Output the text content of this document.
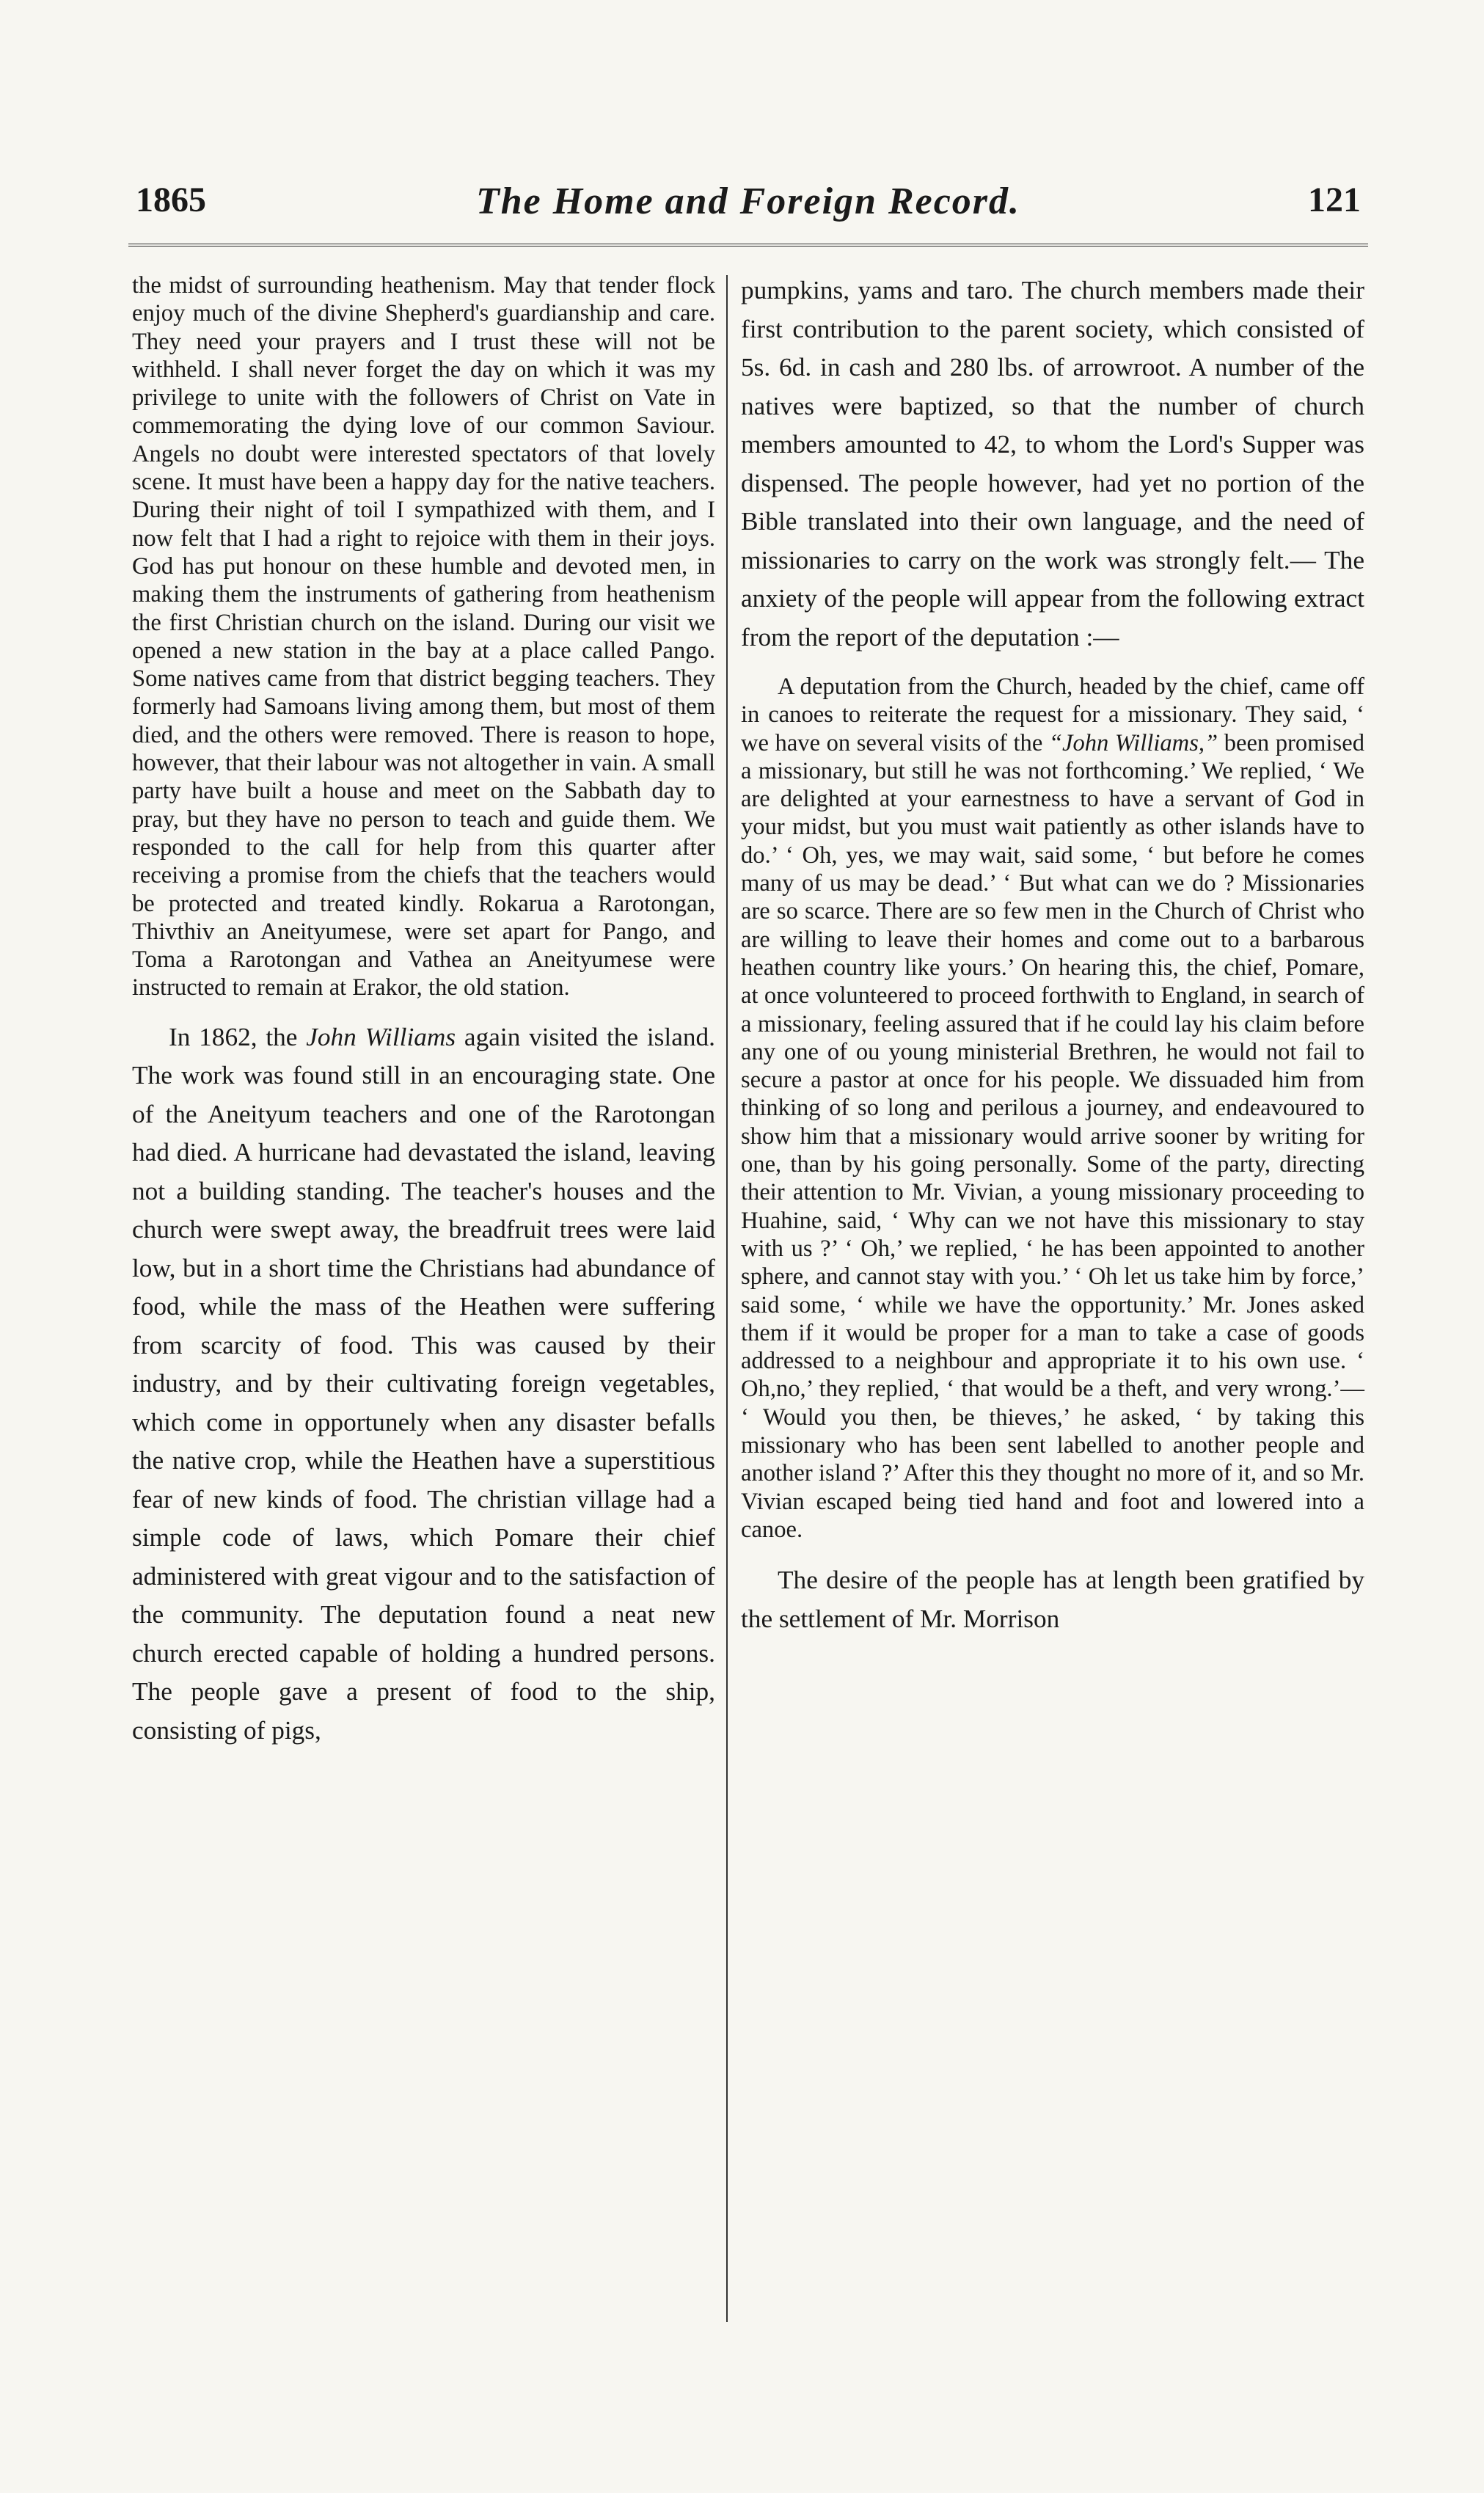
1865	The Home and Foreign Record.	121

the midst of surrounding heathenism. May that tender flock enjoy much of the divine Shepherd's guardianship and care. They need your prayers and I trust these will not be withheld. I shall never forget the day on which it was my privilege to unite with the followers of Christ on Vate in commemorating the dying love of our common Saviour. Angels no doubt were interested spectators of that lovely scene. It must have been a happy day for the native teachers. During their night of toil I sympathized with them, and I now felt that I had a right to rejoice with them in their joys. God has put honour on these humble and devoted men, in making them the instruments of gathering from heathenism the first Christian church on the island. During our visit we opened a new station in the bay at a place called Pango. Some natives came from that district begging teachers. They formerly had Samoans living among them, but most of them died, and the others were removed. There is reason to hope, however, that their labour was not altogether in vain. A small party have built a house and meet on the Sabbath day to pray, but they have no person to teach and guide them. We responded to the call for help from this quarter after receiving a promise from the chiefs that the teachers would be protected and treated kindly. Rokarua a Rarotongan, Thivthiv an Aneityumese, were set apart for Pango, and Toma a Rarotongan and Vathea an Aneityumese were instructed to remain at Erakor, the old station.

In 1862, the John Williams again visited the island. The work was found still in an encouraging state. One of the Aneityum teachers and one of the Rarotongan had died. A hurricane had devastated the island, leaving not a building standing. The teacher's houses and the church were swept away, the breadfruit trees were laid low, but in a short time the Christians had abundance of food, while the mass of the Heathen were suffering from scarcity of food. This was caused by their industry, and by their cultivating foreign vegetables, which come in opportunely when any disaster befalls the native crop, while the Heathen have a superstitious fear of new kinds of food. The christian village had a simple code of laws, which Pomare their chief administered with great vigour and to the satisfaction of the community. The deputation found a neat new church erected capable of holding a hundred persons. The people gave a present of food to the ship, consisting of pigs,

pumpkins, yams and taro. The church members made their first contribution to the parent society, which consisted of 5s. 6d. in cash and 280 lbs. of arrowroot. A number of the natives were baptized, so that the number of church members amounted to 42, to whom the Lord's Supper was dispensed. The people however, had yet no portion of the Bible translated into their own language, and the need of missionaries to carry on the work was strongly felt.— The anxiety of the people will appear from the following extract from the report of the deputation :—

A deputation from the Church, headed by the chief, came off in canoes to reiterate the request for a missionary. They said, ‘ we have on several visits of the “John Williams,” been promised a missionary, but still he was not forthcoming.’ We replied, ‘ We are delighted at your earnestness to have a servant of God in your midst, but you must wait patiently as other islands have to do.’ ‘ Oh, yes, we may wait, said some, ‘ but before he comes many of us may be dead.’ ‘ But what can we do ? Missionaries are so scarce. There are so few men in the Church of Christ who are willing to leave their homes and come out to a barbarous heathen country like yours.’ On hearing this, the chief, Pomare, at once volunteered to proceed forthwith to England, in search of a missionary, feeling assured that if he could lay his claim before any one of ou young ministerial Brethren, he would not fail to secure a pastor at once for his people. We dissuaded him from thinking of so long and perilous a journey, and endeavoured to show him that a missionary would arrive sooner by writing for one, than by his going personally. Some of the party, directing their attention to Mr. Vivian, a young missionary proceeding to Huahine, said, ‘ Why can we not have this missionary to stay with us ?’ ‘ Oh,’ we replied, ‘ he has been appointed to another sphere, and cannot stay with you.’ ‘ Oh let us take him by force,’ said some, ‘ while we have the opportunity.’ Mr. Jones asked them if it would be proper for a man to take a case of goods addressed to a neighbour and appropriate it to his own use. ‘ Oh,no,’ they replied, ‘ that would be a theft, and very wrong.’— ‘ Would you then, be thieves,’ he asked, ‘ by taking this missionary who has been sent labelled to another people and another island ?’ After this they thought no more of it, and so Mr. Vivian escaped being tied hand and foot and lowered into a canoe.

The desire of the people has at length been gratified by the settlement of Mr. Morrison
